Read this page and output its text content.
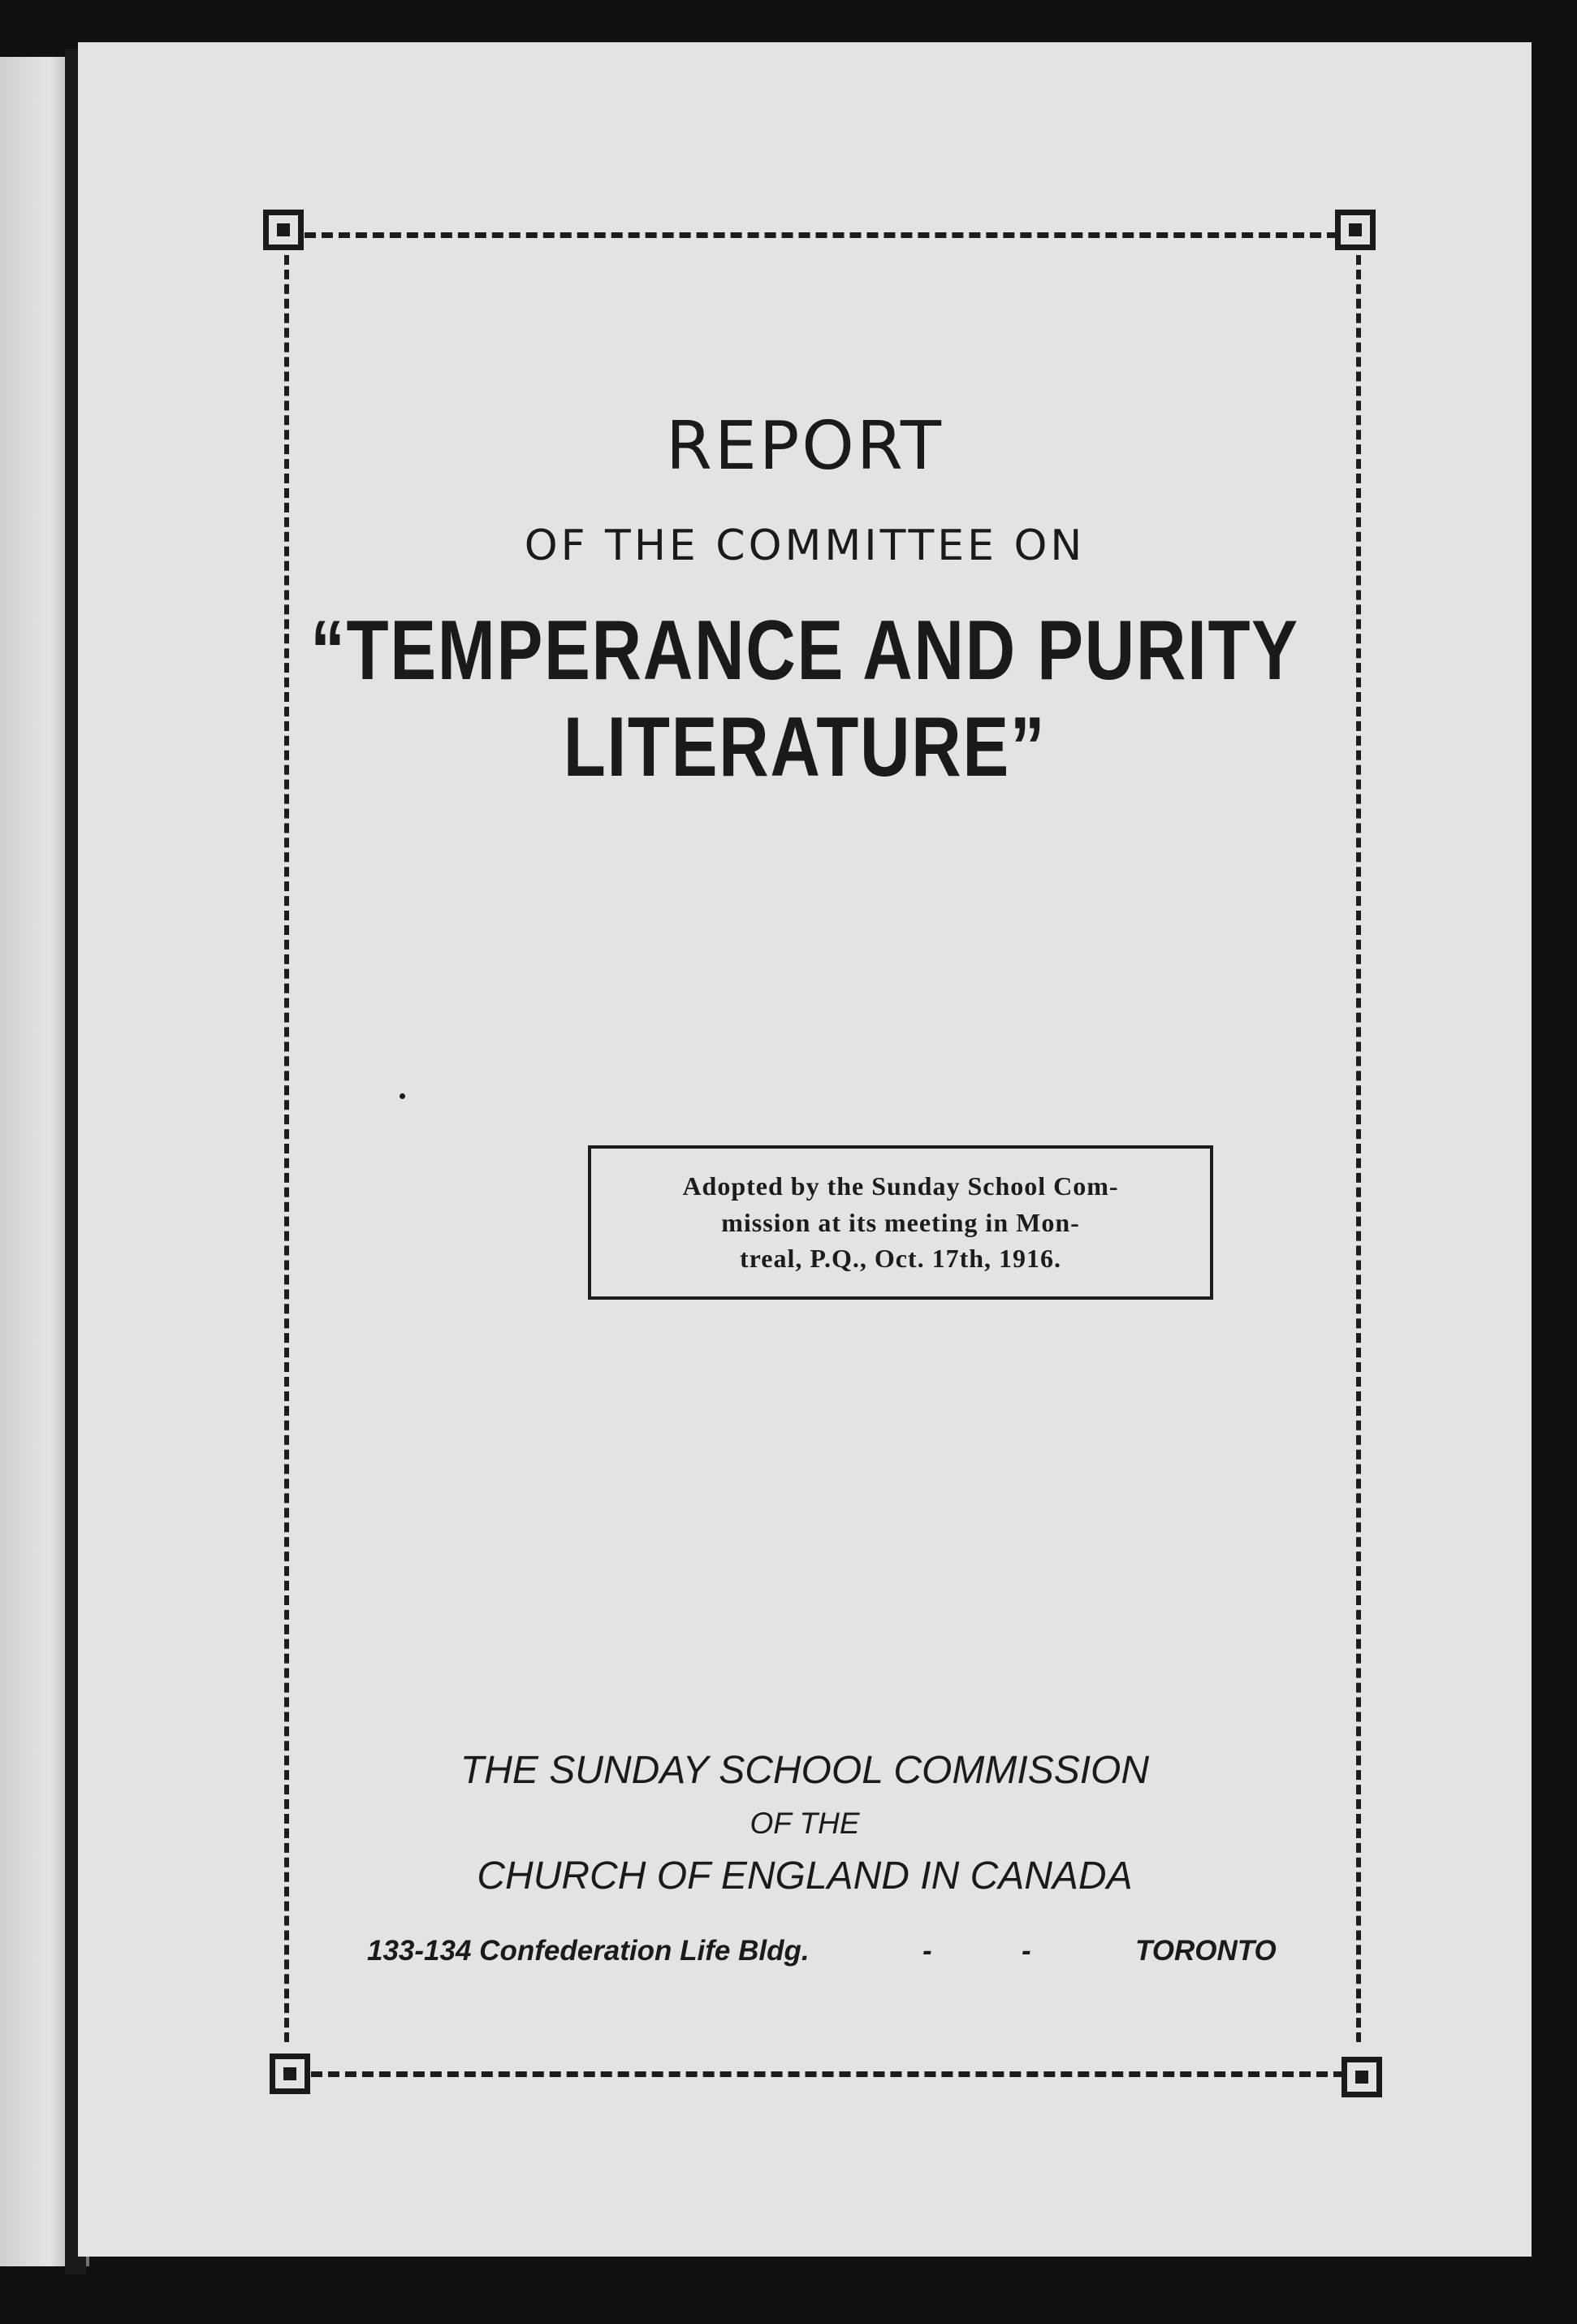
REPORT
OF THE COMMITTEE ON
“TEMPERANCE AND PURITY LITERATURE”
Adopted by the Sunday School Com-
mission at its meeting in Mon-
treal, P.Q., Oct. 17th, 1916.
THE SUNDAY SCHOOL COMMISSION
OF THE
CHURCH OF ENGLAND IN CANADA
133-134 Confederation Life Bldg.	-	-	TORONTO
